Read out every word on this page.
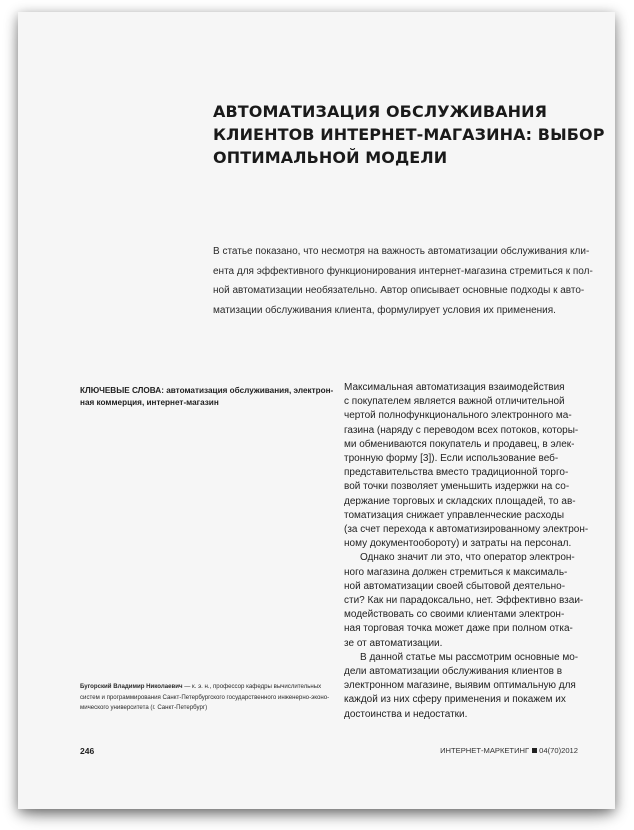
АВТОМАТИЗАЦИЯ ОБСЛУЖИВАНИЯ
КЛИЕНТОВ ИНТЕРНЕТ-МАГАЗИНА: ВЫБОР
ОПТИМАЛЬНОЙ МОДЕЛИ

В статье показано, что несмотря на важность автоматизации обслуживания кли-
ента для эффективного функционирования интернет-магазина стремиться к пол-
ной автоматизации необязательно. Автор описывает основные подходы к авто-
матизации обслуживания клиента, формулирует условия их применения.

КЛЮЧЕВЫЕ СЛОВА: автоматизация обслуживания, электрон-
ная коммерция, интернет-магазин

Максимальная автоматизация взаимодействия
с покупателем является важной отличительной
чертой полнофункционального электронного ма-
газина (наряду с переводом всех потоков, которы-
ми обмениваются покупатель и продавец, в элек-
тронную форму [3]). Если использование веб-
представительства вместо традиционной торго-
вой точки позволяет уменьшить издержки на со-
держание торговых и складских площадей, то ав-
томатизация снижает управленческие расходы
(за счет перехода к автоматизированному электрон-
ному документообороту) и затраты на персонал.

Однако значит ли это, что оператор электрон-
ного магазина должен стремиться к максималь-
ной автоматизации своей сбытовой деятельно-
сти? Как ни парадоксально, нет. Эффективно взаи-
модействовать со своими клиентами электрон-
ная торговая точка может даже при полном отка-
зе от автоматизации.

В данной статье мы рассмотрим основные мо-
дели автоматизации обслуживания клиентов в
электронном магазине, выявим оптимальную для
каждой из них сферу применения и покажем их
достоинства и недостатки.

Бугорский Владимир Николаевич — к. э. н., профессор кафедры вычислительных
систем и программирования Санкт-Петербургского государственного инженерно-эконо-
мического университета (г. Санкт-Петербург)
246	ИНТЕРНЕТ-МАРКЕТИНГ 04(70)2012
